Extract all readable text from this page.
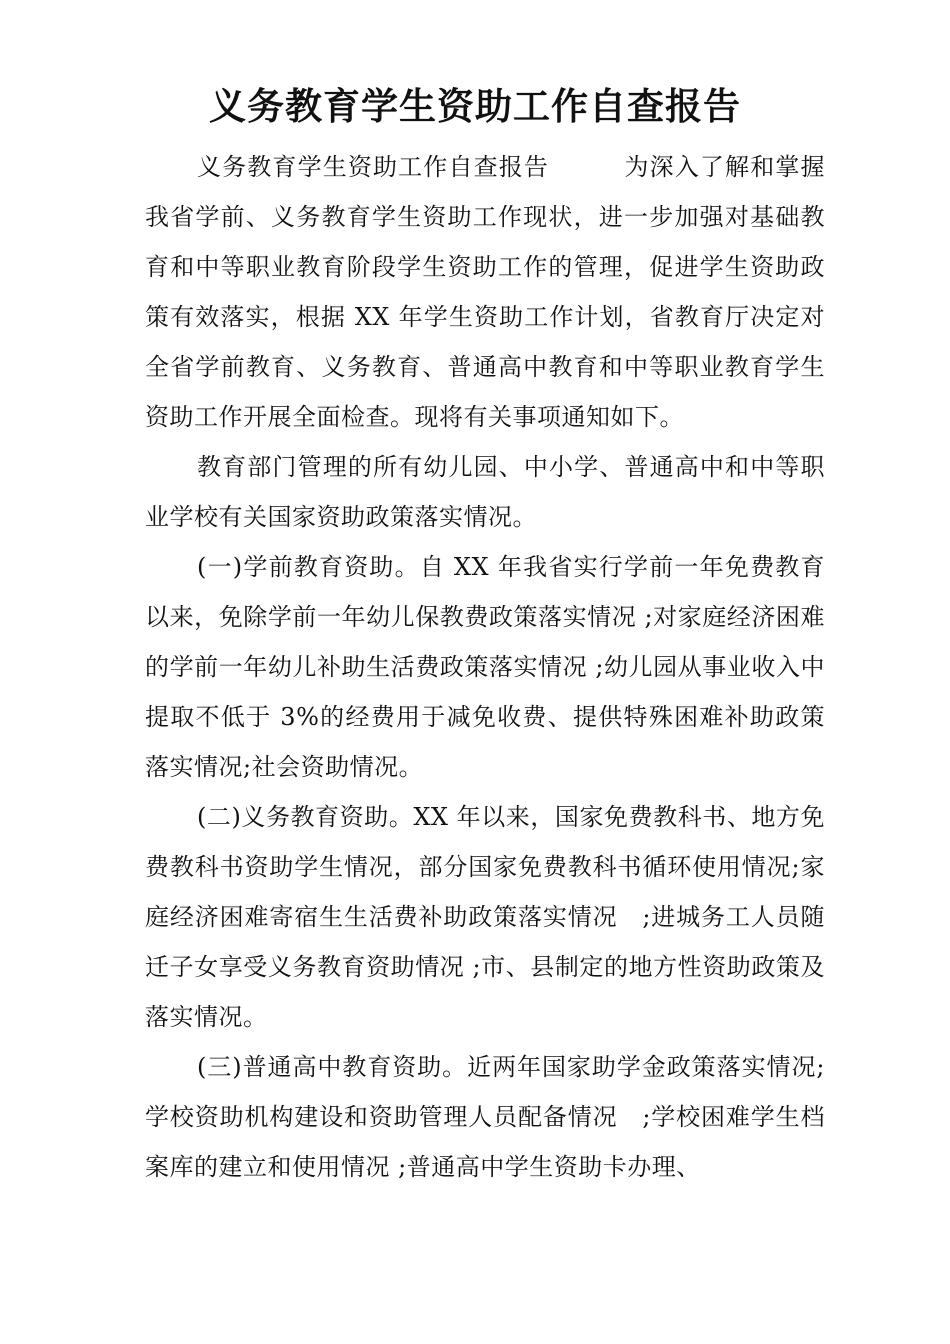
义务教育学生资助工作自查报告

义务教育学生资助工作自查报告　　　为深入了解和掌握我省学前、义务教育学生资助工作现状，进一步加强对基础教育和中等职业教育阶段学生资助工作的管理，促进学生资助政策有效落实，根据 XX 年学生资助工作计划，省教育厅决定对全省学前教育、义务教育、普通高中教育和中等职业教育学生资助工作开展全面检查。现将有关事项通知如下。

教育部门管理的所有幼儿园、中小学、普通高中和中等职业学校有关国家资助政策落实情况。

(一)学前教育资助。自 XX 年我省实行学前一年免费教育以来，免除学前一年幼儿保教费政策落实情况 ;对家庭经济困难的学前一年幼儿补助生活费政策落实情况 ;幼儿园从事业收入中提取不低于 3%的经费用于减免收费、提供特殊困难补助政策落实情况;社会资助情况。

(二)义务教育资助。XX 年以来，国家免费教科书、地方免费教科书资助学生情况，部分国家免费教科书循环使用情况;家庭经济困难寄宿生生活费补助政策落实情况　;进城务工人员随迁子女享受义务教育资助情况 ;市、县制定的地方性资助政策及落实情况。

(三)普通高中教育资助。近两年国家助学金政策落实情况;学校资助机构建设和资助管理人员配备情况　;学校困难学生档案库的建立和使用情况 ;普通高中学生资助卡办理、
